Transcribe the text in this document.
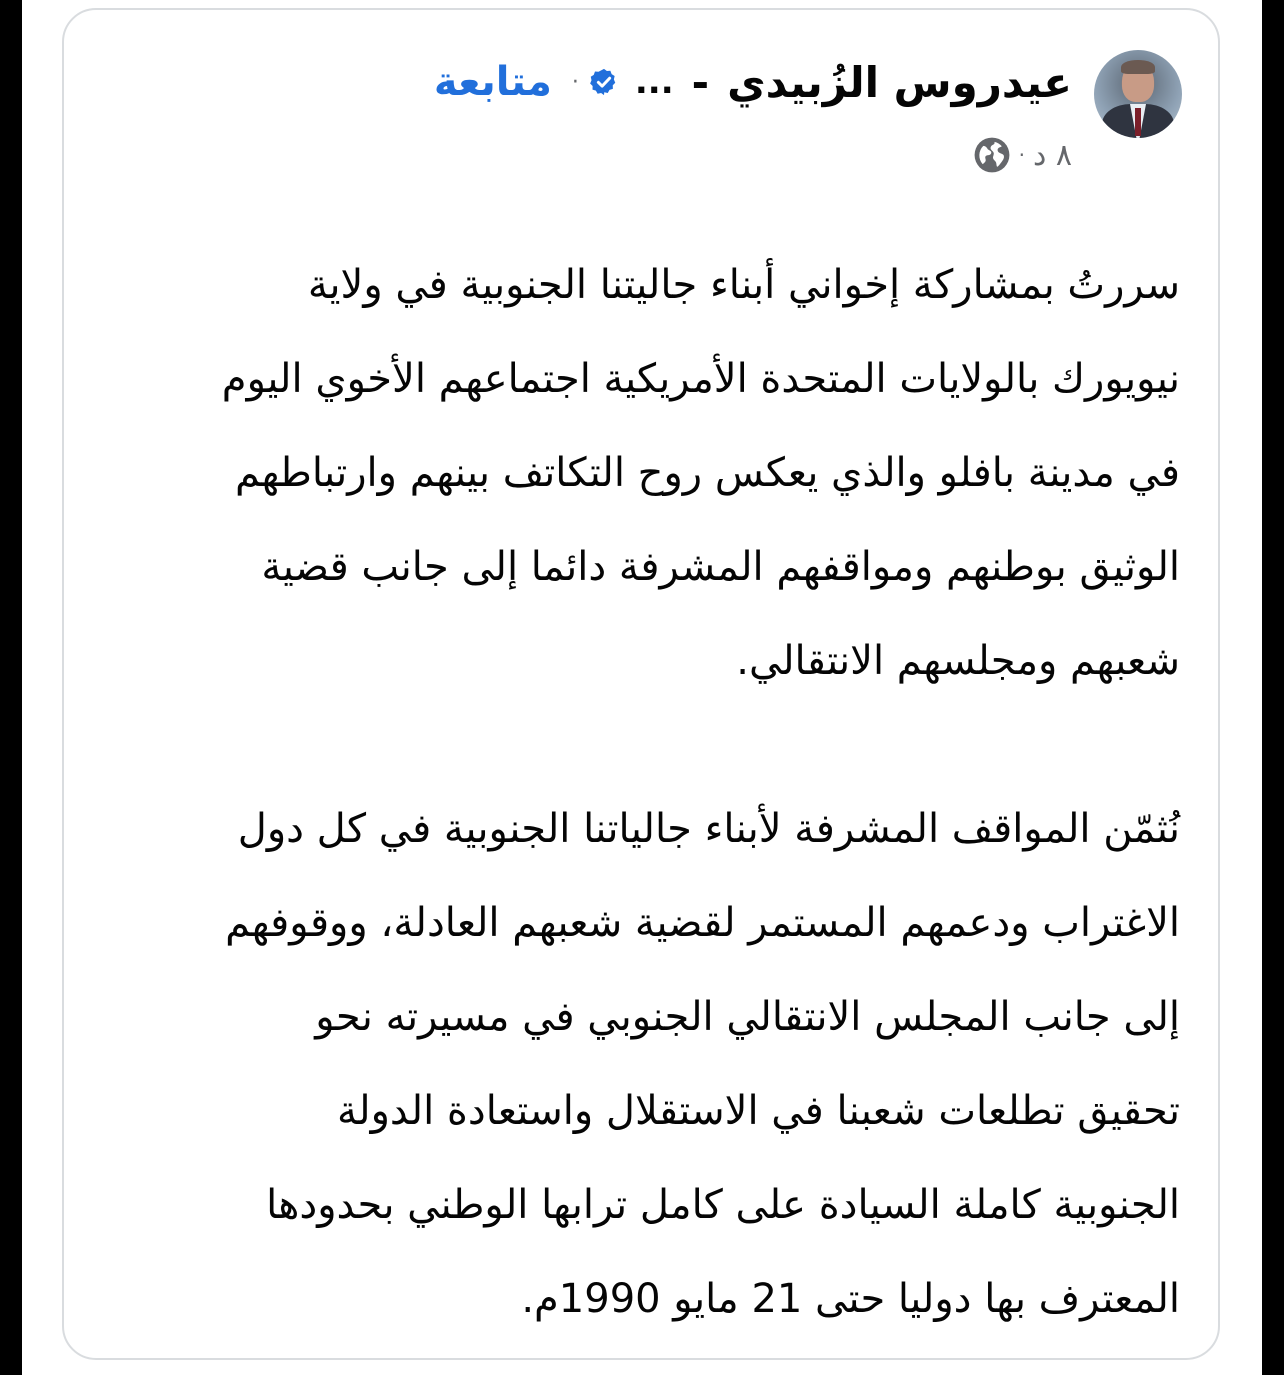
عيدروس الزُبيدي
-
...
·
متابعة
٨ د
·

سررتُ بمشاركة إخواني أبناء جاليتنا الجنوبية في ولاية
نيويورك بالولايات المتحدة الأمريكية اجتماعهم الأخوي اليوم
في مدينة بافلو والذي يعكس روح التكاتف بينهم وارتباطهم
الوثيق بوطنهم ومواقفهم المشرفة دائما إلى جانب قضية
شعبهم ومجلسهم الانتقالي.

نُثمّن المواقف المشرفة لأبناء جالياتنا الجنوبية في كل دول
الاغتراب ودعمهم المستمر لقضية شعبهم العادلة، ووقوفهم
إلى جانب المجلس الانتقالي الجنوبي في مسيرته نحو
تحقيق تطلعات شعبنا في الاستقلال واستعادة الدولة
الجنوبية كاملة السيادة على كامل ترابها الوطني بحدودها
المعترف بها دوليا حتى 21 مايو 1990م.
